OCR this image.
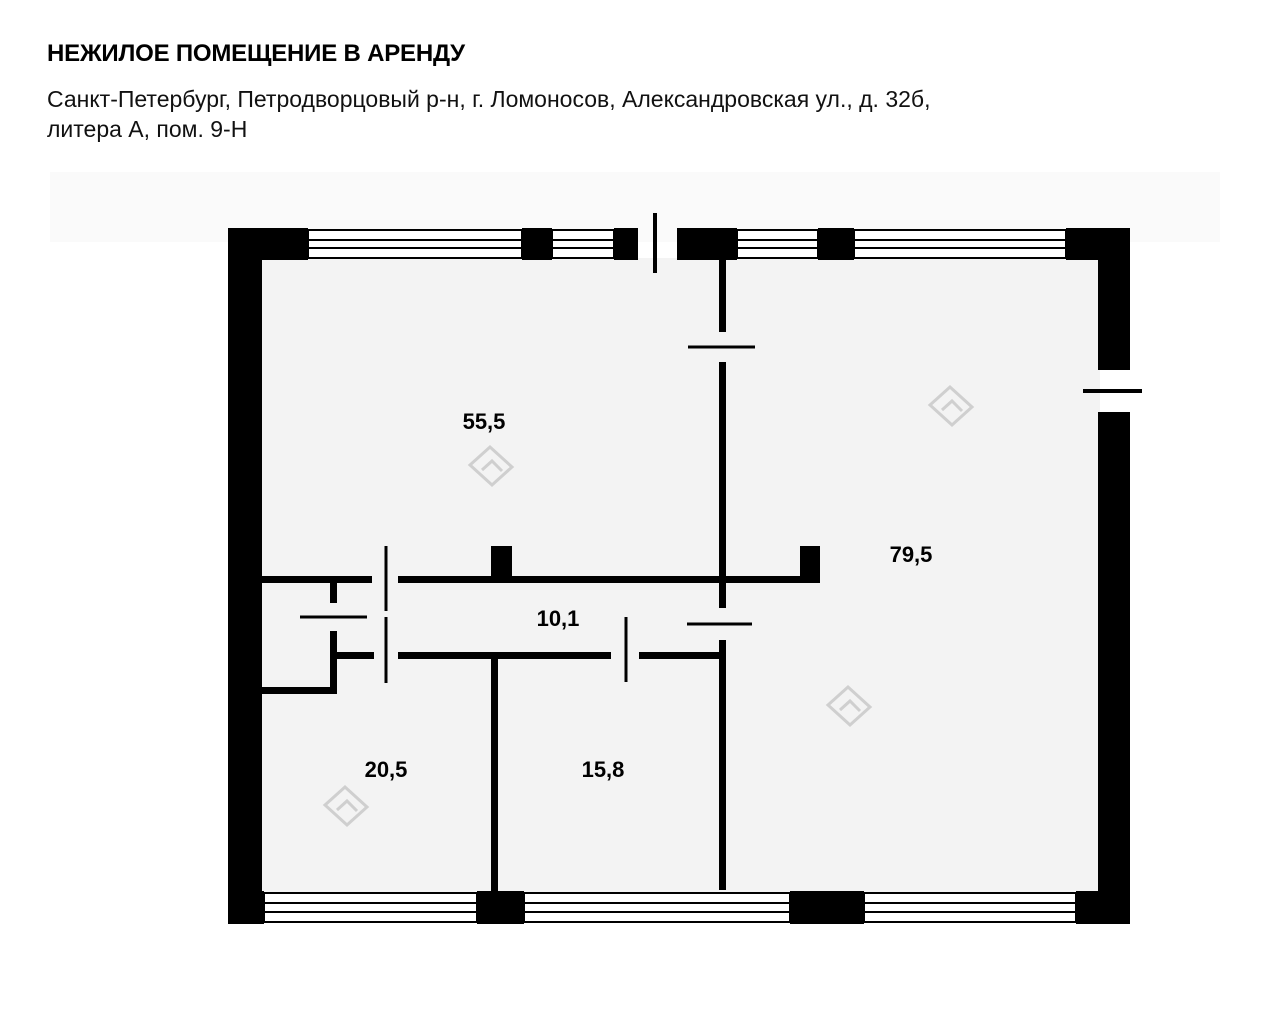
НЕЖИЛОЕ ПОМЕЩЕНИЕ В АРЕНДУ
Санкт-Петербург, Петродворцовый р-н, г. Ломоносов, Александровская ул., д. 32б,
литера А, пом. 9-Н
55,5
79,5
10,1
20,5	15,8
